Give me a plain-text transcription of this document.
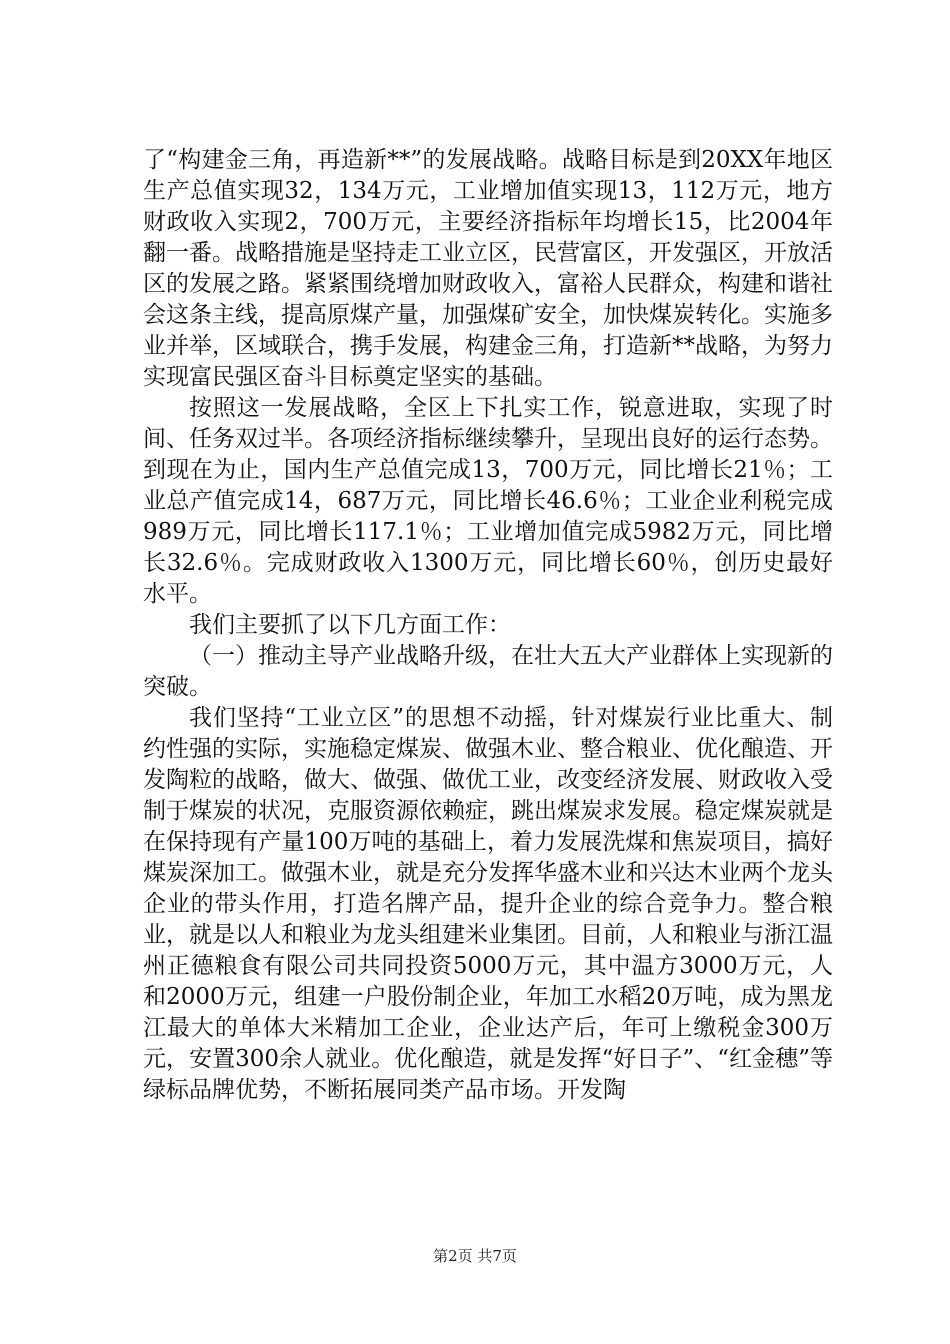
了“构建金三角，再造新**”的发展战略。战略目标是到20XX年地区生产总值实现32，134万元，工业增加值实现13，112万元，地方财政收入实现2，700万元，主要经济指标年均增长15，比2004年翻一番。战略措施是坚持走工业立区，民营富区，开发强区，开放活区的发展之路。紧紧围绕增加财政收入，富裕人民群众，构建和谐社会这条主线，提高原煤产量，加强煤矿安全，加快煤炭转化。实施多业并举，区域联合，携手发展，构建金三角，打造新**战略，为努力实现富民强区奋斗目标奠定坚实的基础。

按照这一发展战略，全区上下扎实工作，锐意进取，实现了时间、任务双过半。各项经济指标继续攀升，呈现出良好的运行态势。到现在为止，国内生产总值完成13，700万元，同比增长21％；工业总产值完成14，687万元，同比增长46.6％；工业企业利税完成989万元，同比增长117.1％；工业增加值完成5982万元，同比增长32.6％。完成财政收入1300万元，同比增长60％，创历史最好水平。

我们主要抓了以下几方面工作：

（一）推动主导产业战略升级，在壮大五大产业群体上实现新的突破。

我们坚持“工业立区”的思想不动摇，针对煤炭行业比重大、制约性强的实际，实施稳定煤炭、做强木业、整合粮业、优化酿造、开发陶粒的战略，做大、做强、做优工业，改变经济发展、财政收入受制于煤炭的状况，克服资源依赖症，跳出煤炭求发展。稳定煤炭就是在保持现有产量100万吨的基础上，着力发展洗煤和焦炭项目，搞好煤炭深加工。做强木业，就是充分发挥华盛木业和兴达木业两个龙头企业的带头作用，打造名牌产品，提升企业的综合竞争力。整合粮业，就是以人和粮业为龙头组建米业集团。目前，人和粮业与浙江温州正德粮食有限公司共同投资5000万元，其中温方3000万元，人和2000万元，组建一户股份制企业，年加工水稻20万吨，成为黑龙江最大的单体大米精加工企业，企业达产后，年可上缴税金300万元，安置300余人就业。优化酿造，就是发挥“好日子”、“红金穗”等绿标品牌优势，不断拓展同类产品市场。开发陶

第2页 共7页
